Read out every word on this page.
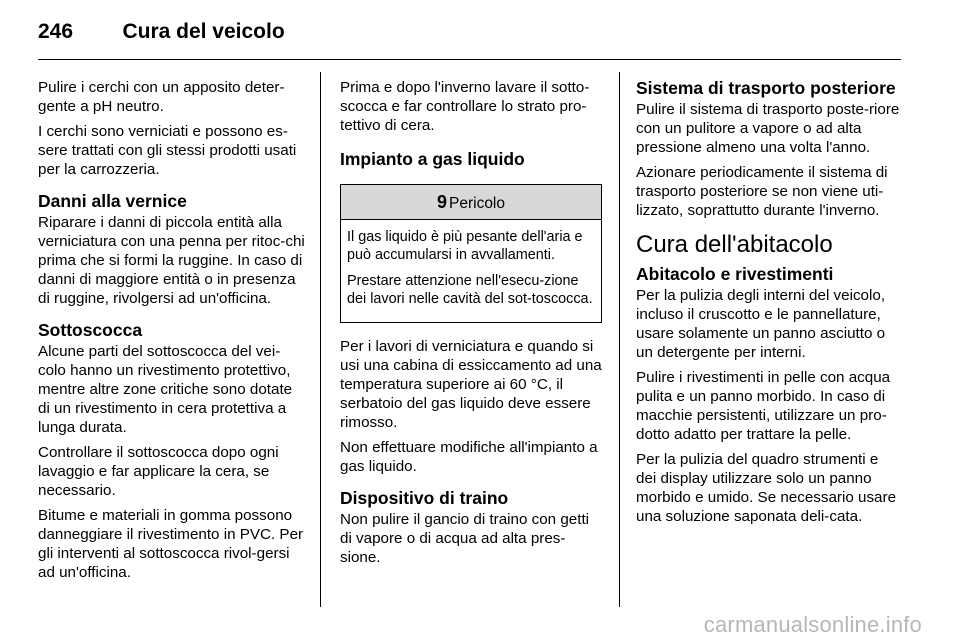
246 Cura del veicolo

Pulire i cerchi con un apposito deter-gente a pH neutro.

I cerchi sono verniciati e possono es-sere trattati con gli stessi prodotti usati per la carrozzeria.

Danni alla vernice

Riparare i danni di piccola entità alla verniciatura con una penna per ritoc-chi prima che si formi la ruggine. In caso di danni di maggiore entità o in presenza di ruggine, rivolgersi ad un'officina.

Sottoscocca

Alcune parti del sottoscocca del vei-colo hanno un rivestimento protettivo, mentre altre zone critiche sono dotate di un rivestimento in cera protettiva a lunga durata.

Controllare il sottoscocca dopo ogni lavaggio e far applicare la cera, se necessario.

Bitume e materiali in gomma possono danneggiare il rivestimento in PVC. Per gli interventi al sottoscocca rivol-gersi ad un'officina.

Prima e dopo l'inverno lavare il sotto-scocca e far controllare lo strato pro-tettivo di cera.

Impianto a gas liquido
9 Pericolo

Il gas liquido è più pesante dell'aria e può accumularsi in avvallamenti.

Prestare attenzione nell'esecu-zione dei lavori nelle cavità del sot-toscocca.

Per i lavori di verniciatura e quando si usi una cabina di essiccamento ad una temperatura superiore ai 60 °C, il serbatoio del gas liquido deve essere rimosso.

Non effettuare modifiche all'impianto a gas liquido.

Dispositivo di traino

Non pulire il gancio di traino con getti di vapore o di acqua ad alta pres-sione.

Sistema di trasporto posteriore

Pulire il sistema di trasporto poste-riore con un pulitore a vapore o ad alta pressione almeno una volta l'anno.

Azionare periodicamente il sistema di trasporto posteriore se non viene uti-lizzato, soprattutto durante l'inverno.

Cura dell'abitacolo
Abitacolo e rivestimenti

Per la pulizia degli interni del veicolo, incluso il cruscotto e le pannellature, usare solamente un panno asciutto o un detergente per interni.

Pulire i rivestimenti in pelle con acqua pulita e un panno morbido. In caso di macchie persistenti, utilizzare un pro-dotto adatto per trattare la pelle.

Per la pulizia del quadro strumenti e dei display utilizzare solo un panno morbido e umido. Se necessario usare una soluzione saponata deli-cata.

carmanualsonline.info
